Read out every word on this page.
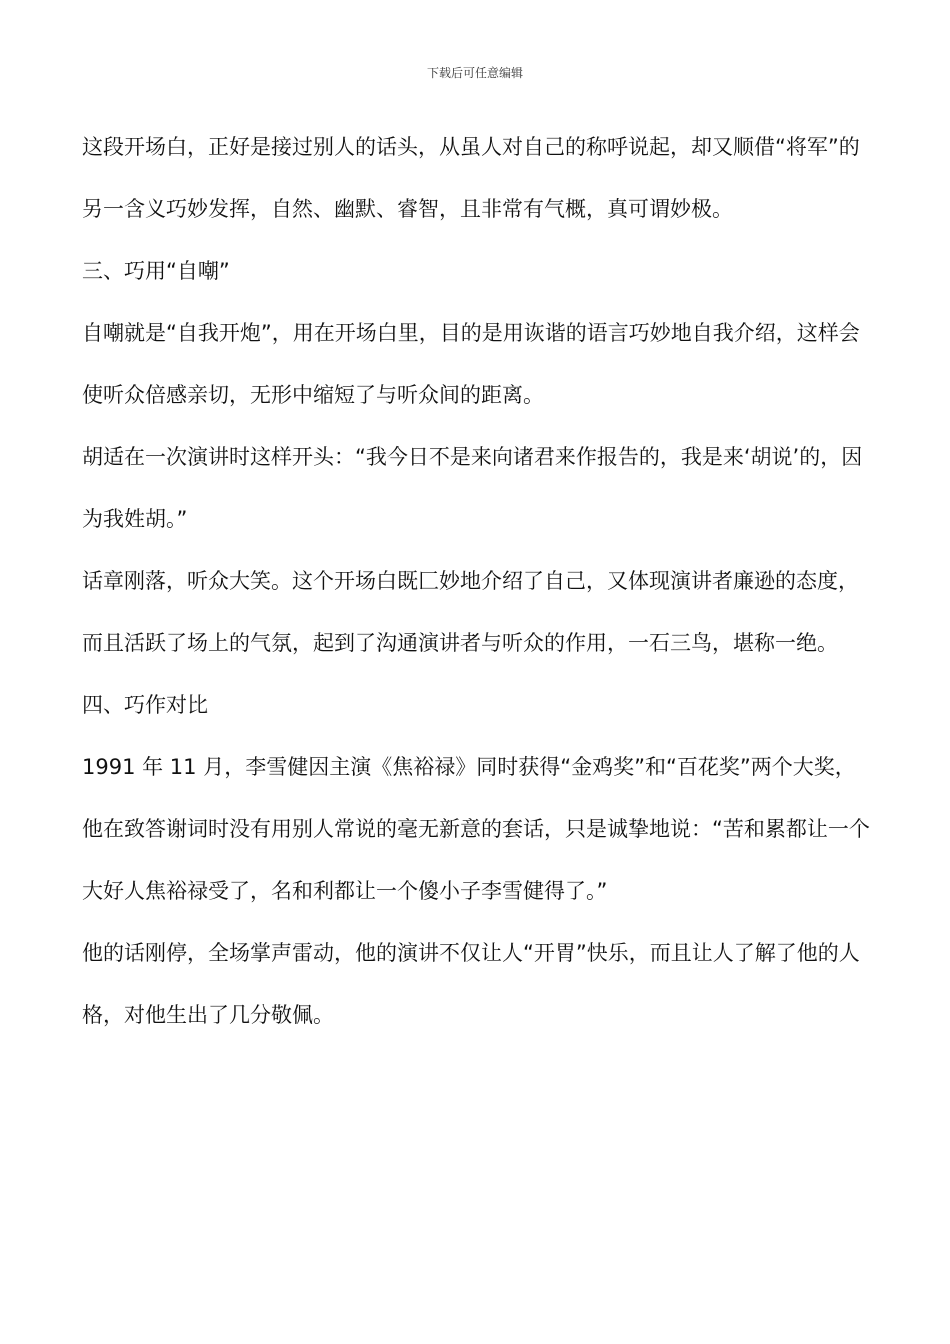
下载后可任意编辑

这段开场白，正好是接过别人的话头，从虽人对自己的称呼说起，却又顺借“将军”的另一含义巧妙发挥，自然、幽默、睿智，且非常有气概，真可谓妙极。

三、巧用“自嘲”

自嘲就是“自我开炮”，用在开场白里，目的是用诙谐的语言巧妙地自我介绍，这样会使听众倍感亲切，无形中缩短了与听众间的距离。

胡适在一次演讲时这样开头：“我今日不是来向诸君来作报告的，我是来‘胡说’的，因为我姓胡。”

话章刚落，听众大笑。这个开场白既匚妙地介绍了自己，又体现演讲者廉逊的态度，而且活跃了场上的气氛，起到了沟通演讲者与听众的作用，一石三鸟，堪称一绝。

四、巧作对比

1991 年 11 月，李雪健因主演《焦裕禄》同时获得“金鸡奖”和“百花奖”两个大奖，他在致答谢词时没有用别人常说的毫无新意的套话，只是诚挚地说：“苦和累都让一个大好人焦裕禄受了，名和利都让一个傻小子李雪健得了。”

他的话刚停，全场掌声雷动，他的演讲不仅让人“开胃”快乐，而且让人了解了他的人格，对他生出了几分敬佩。
